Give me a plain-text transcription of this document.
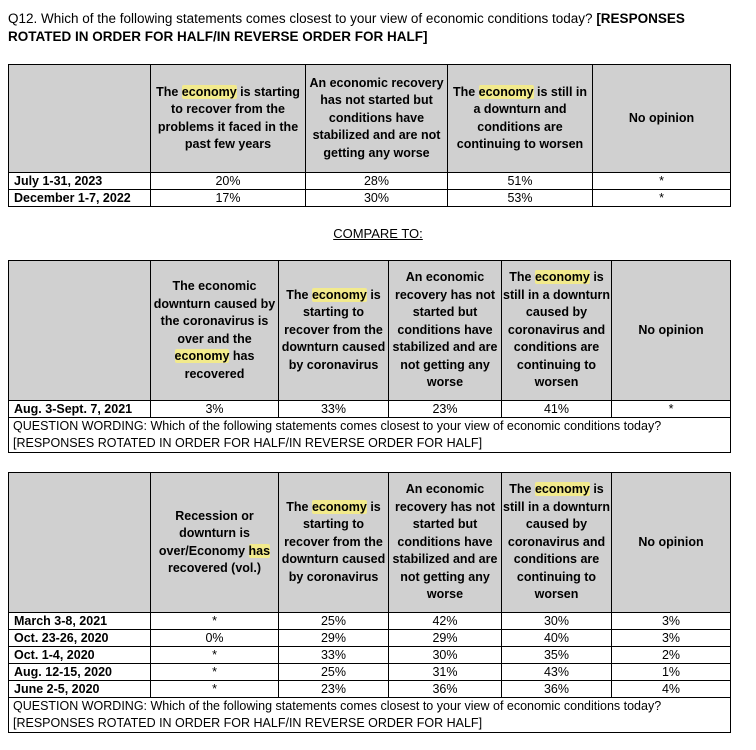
Q12. Which of the following statements comes closest to your view of economic conditions today? [RESPONSES ROTATED IN ORDER FOR HALF/IN REVERSE ORDER FOR HALF]
	The economy is starting to recover from the problems it faced in the past few years	An economic recovery has not started but conditions have stabilized and are not getting any worse	The economy is still in a downturn and conditions are continuing to worsen	No opinion
July 1-31, 2023	20%	28%	51%	*
December 1-7, 2022	17%	30%	53%	*
COMPARE TO:
	The economic downturn caused by the coronavirus is over and the economy has recovered	The economy is starting to recover from the downturn caused by coronavirus	An economic recovery has not started but conditions have stabilized and are not getting any worse	The economy is still in a downturn caused by coronavirus and conditions are continuing to worsen	No opinion
Aug. 3-Sept. 7, 2021	3%	33%	23%	41%	*

QUESTION WORDING: Which of the following statements comes closest to your view of economic conditions today?
[RESPONSES ROTATED IN ORDER FOR HALF/IN REVERSE ORDER FOR HALF]					
	Recession or downturn is over/Economy has recovered (vol.)	The economy is starting to recover from the downturn caused by coronavirus	An economic recovery has not started but conditions have stabilized and are not getting any worse	The economy is still in a downturn caused by coronavirus and conditions are continuing to worsen	No opinion
March 3-8, 2021	*	25%	42%	30%	3%
Oct. 23-26, 2020	0%	29%	29%	40%	3%
Oct. 1-4, 2020	*	33%	30%	35%	2%
Aug. 12-15, 2020	*	25%	31%	43%	1%
June 2-5, 2020	*	23%	36%	36%	4%

QUESTION WORDING: Which of the following statements comes closest to your view of economic conditions today?
[RESPONSES ROTATED IN ORDER FOR HALF/IN REVERSE ORDER FOR HALF]					
